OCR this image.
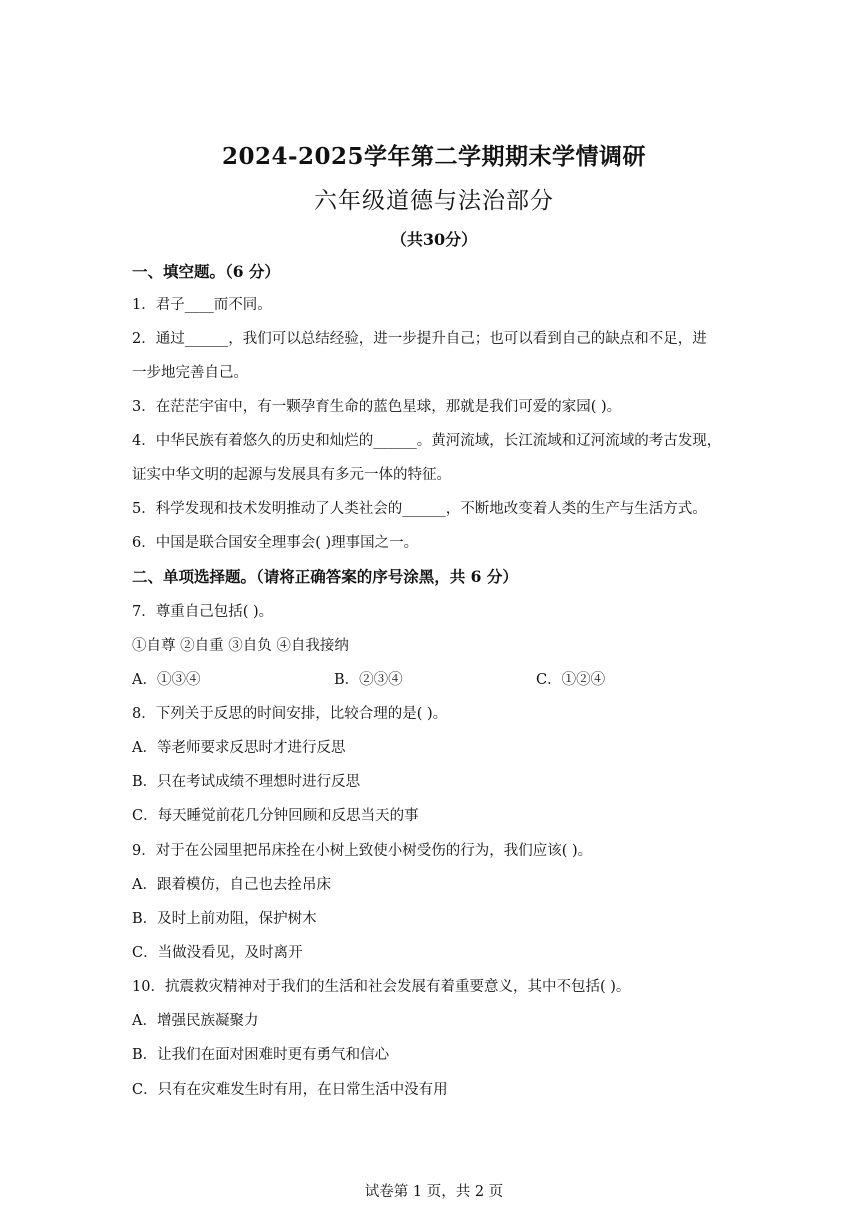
2024-2025学年第二学期期末学情调研
六年级道德与法治部分
（共30分）
一、填空题。（6 分）
1．君子____而不同。
2．通过______，我们可以总结经验，进一步提升自己；也可以看到自己的缺点和不足，进
一步地完善自己。
3．在茫茫宇宙中，有一颗孕育生命的蓝色星球，那就是我们可爱的家园( )。
4．中华民族有着悠久的历史和灿烂的______。黄河流域，长江流域和辽河流域的考古发现，
证实中华文明的起源与发展具有多元一体的特征。
5．科学发现和技术发明推动了人类社会的______，不断地改变着人类的生产与生活方式。
6．中国是联合国安全理事会( )理事国之一。
二、单项选择题。（请将正确答案的序号涂黑，共 6 分）
7．尊重自己包括( )。
①自尊 ②自重 ③自负 ④自我接纳
A．①③④	B．②③④	C．①②④
8．下列关于反思的时间安排，比较合理的是( )。
A．等老师要求反思时才进行反思
B．只在考试成绩不理想时进行反思
C．每天睡觉前花几分钟回顾和反思当天的事
9．对于在公园里把吊床拴在小树上致使小树受伤的行为，我们应该( )。
A．跟着模仿，自己也去拴吊床
B．及时上前劝阻，保护树木
C．当做没看见，及时离开
10．抗震救灾精神对于我们的生活和社会发展有着重要意义，其中不包括( )。
A．增强民族凝聚力
B．让我们在面对困难时更有勇气和信心
C．只有在灾难发生时有用，在日常生活中没有用
试卷第 1 页，共 2 页
